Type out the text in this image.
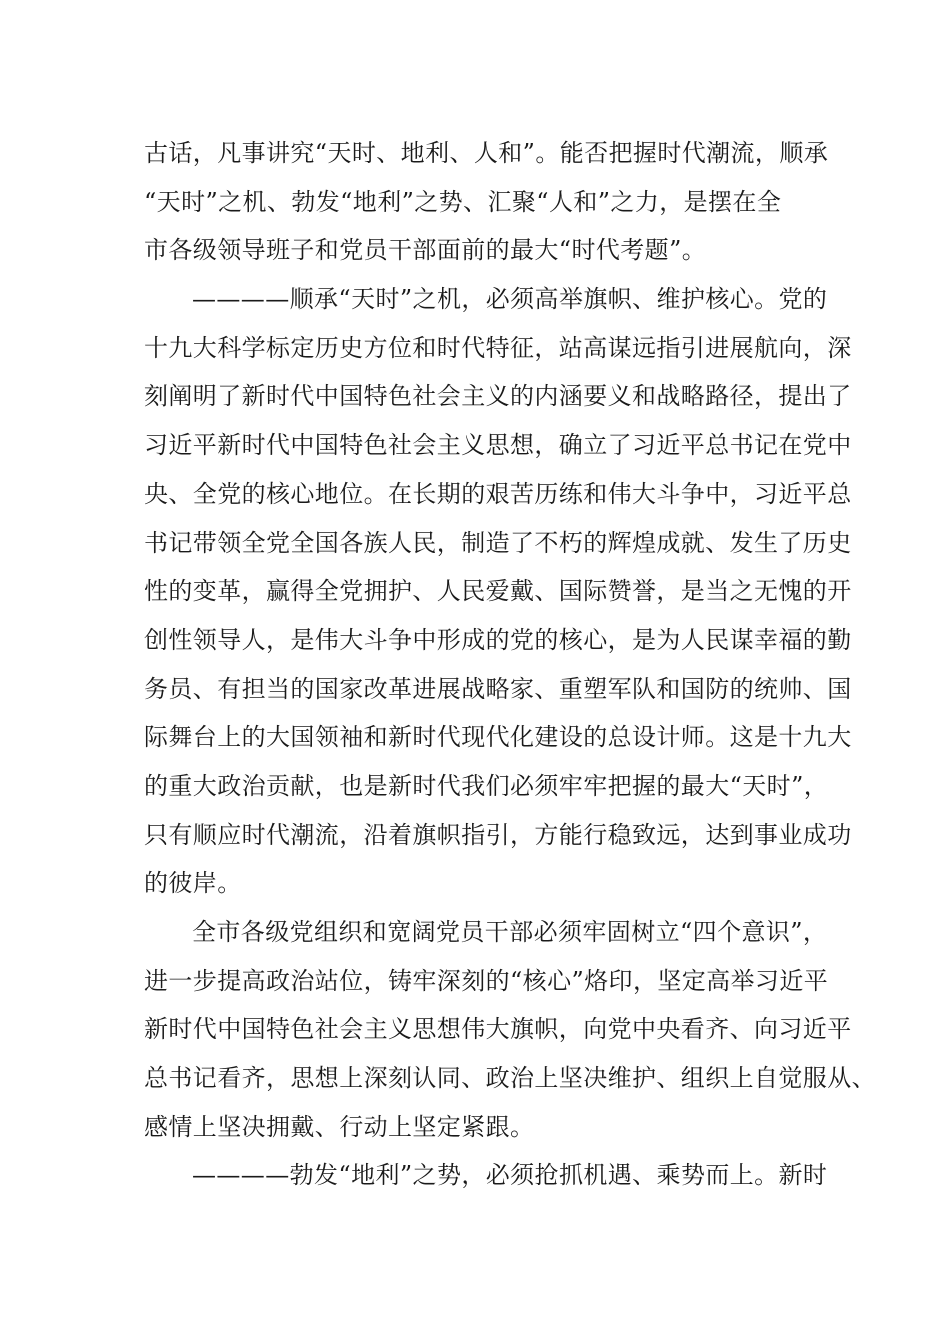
古话，凡事讲究“天时、地利、人和”。能否把握时代潮流，顺承
“天时”之机、勃发“地利”之势、汇聚“人和”之力，是摆在全
市各级领导班子和党员干部面前的最大“时代考题”。
————顺承“天时”之机，必须高举旗帜、维护核心。党的
十九大科学标定历史方位和时代特征，站高谋远指引进展航向，深
刻阐明了新时代中国特色社会主义的内涵要义和战略路径，提出了
习近平新时代中国特色社会主义思想，确立了习近平总书记在党中
央、全党的核心地位。在长期的艰苦历练和伟大斗争中，习近平总
书记带领全党全国各族人民，制造了不朽的辉煌成就、发生了历史
性的变革，赢得全党拥护、人民爱戴、国际赞誉，是当之无愧的开
创性领导人，是伟大斗争中形成的党的核心，是为人民谋幸福的勤
务员、有担当的国家改革进展战略家、重塑军队和国防的统帅、国
际舞台上的大国领袖和新时代现代化建设的总设计师。这是十九大
的重大政治贡献，也是新时代我们必须牢牢把握的最大“天时”，
只有顺应时代潮流，沿着旗帜指引，方能行稳致远，达到事业成功
的彼岸。
全市各级党组织和宽阔党员干部必须牢固树立“四个意识”，
进一步提高政治站位，铸牢深刻的“核心”烙印，坚定高举习近平
新时代中国特色社会主义思想伟大旗帜，向党中央看齐、向习近平
总书记看齐，思想上深刻认同、政治上坚决维护、组织上自觉服从、
感情上坚决拥戴、行动上坚定紧跟。
————勃发“地利”之势，必须抢抓机遇、乘势而上。新时
